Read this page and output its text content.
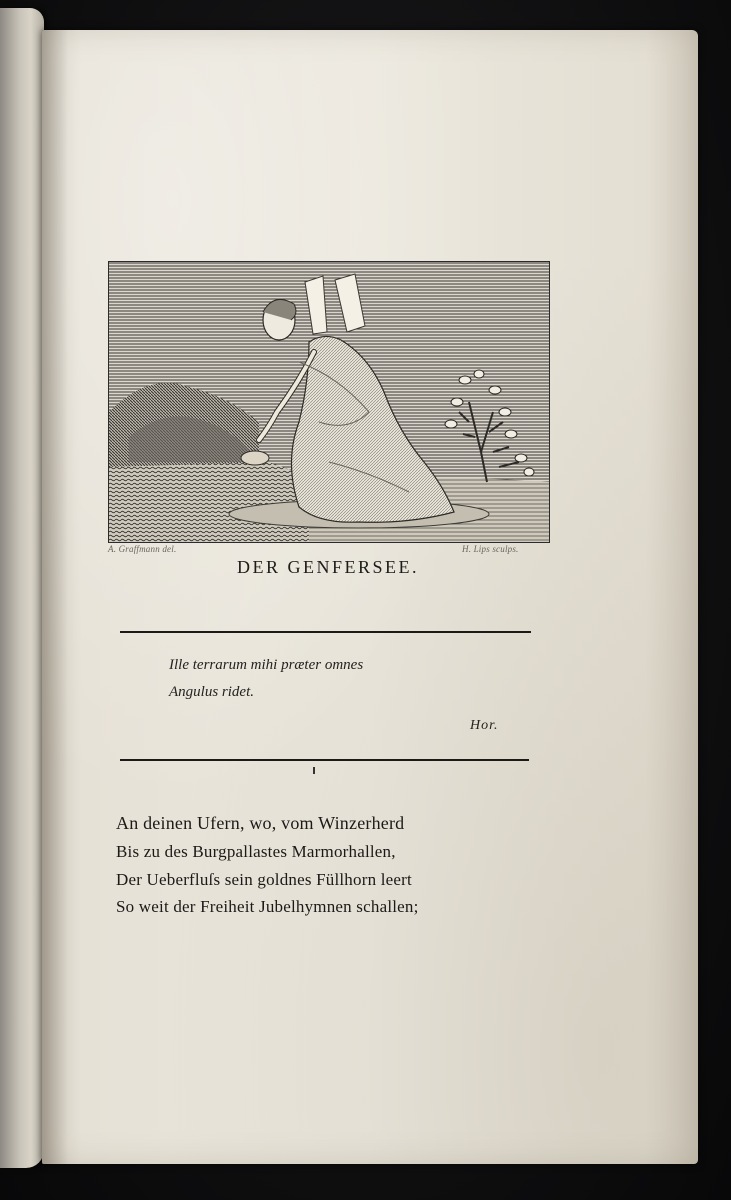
A. Graffmann del.	H. Lips sculps.
DER GENFERSEE.
Ille terrarum mihi præter omnes
Angulus ridet.
Hor.
An deinen Ufern, wo, vom Winzerherd
Bis zu des Burgpallastes Marmorhallen,
Der Ueberfluſs sein goldnes Füllhorn leert
So weit der Freiheit Jubelhymnen schallen;
